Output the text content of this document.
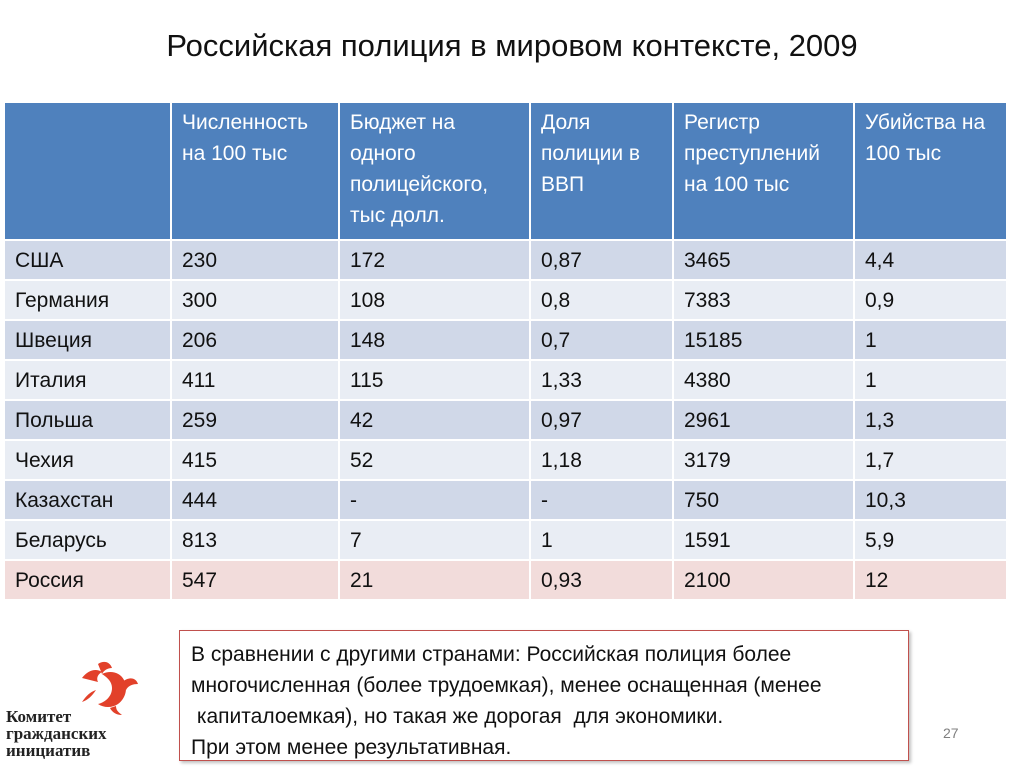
Российская полиция в мировом контексте, 2009
	Численность на 100 тыс	Бюджет на одного полицейского, тыс долл.	Доля полиции в ВВП	Регистр преступлений на 100 тыс	Убийства на 100 тыс
США	230	172	0,87	3465	4,4
Германия	300	108	0,8	7383	0,9
Швеция	206	148	0,7	15185	1
Италия	411	115	1,33	4380	1
Польша	259	42	0,97	2961	1,3
Чехия	415	52	1,18	3179	1,7
Казахстан	444	-	-	750	10,3
Беларусь	813	7	1	1591	5,9
Россия	547	21	0,93	2100	12
Комитет
гражданских
инициатив
В сравнении с другими странами: Российская полиция более
многочисленная (более трудоемкая), менее оснащенная (менее
капиталоемкая), но такая же дорогая  для экономики.
При этом менее результативная.
27
